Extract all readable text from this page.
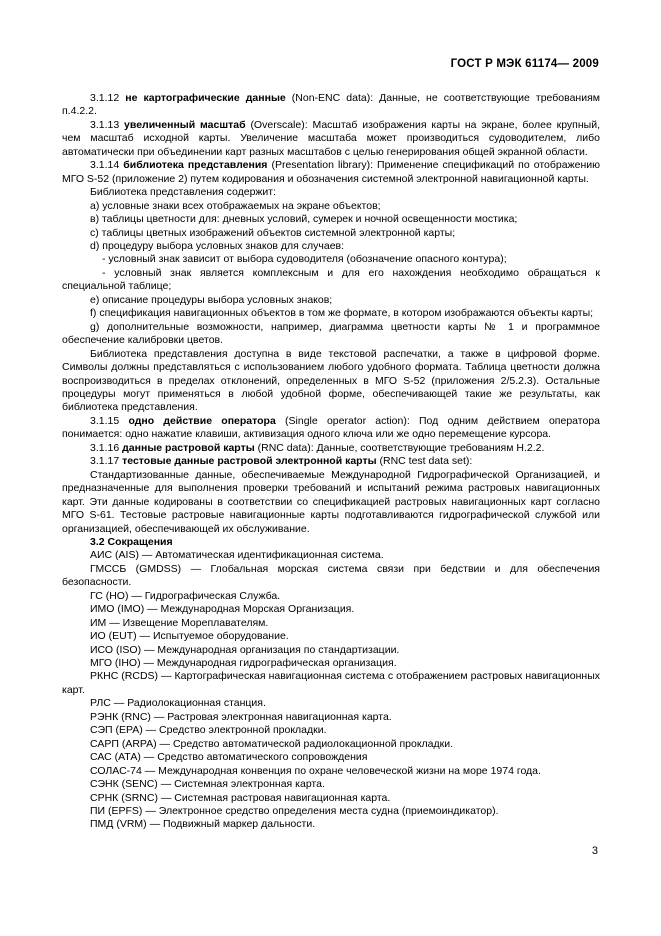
ГОСТ Р МЭК 61174— 2009

3.1.12 не картографические данные (Non-ENC data): Данные, не соответствующие требованиям п.4.2.2.

3.1.13 увеличенный масштаб (Overscale): Масштаб изображения карты на экране, более крупный, чем масштаб исходной карты. Увеличение масштаба может производиться судоводителем, либо автоматически при объединении карт разных масштабов с целью генерирования общей экранной области.

3.1.14 библиотека представления (Presentation library): Применение спецификаций по отображению МГО S-52 (приложение 2) путем кодирования и обозначения системной электронной навигационной карты.

Библиотека представления содержит:

а) условные знаки всех отображаемых на экране объектов;

в) таблицы цветности для: дневных условий, сумерек и ночной освещенности мостика;

с) таблицы цветных изображений объектов системной электронной карты;

d) процедуру выбора условных знаков для случаев:

- условный знак зависит от выбора судоводителя (обозначение опасного контура);

- условный знак является комплексным и для его нахождения необходимо обращаться к специальной таблице;

е) описание процедуры выбора условных знаков;

f) спецификация навигационных объектов в том же формате, в котором изображаются объекты карты;

g) дополнительные возможности, например, диаграмма цветности карты № 1 и программное обеспечение калибровки цветов.

Библиотека представления доступна в виде текстовой распечатки, а также в цифровой форме. Символы должны представляться с использованием любого удобного формата. Таблица цветности должна воспроизводиться в пределах отклонений, определенных в МГО S-52 (приложения 2/5.2.3). Остальные процедуры могут применяться в любой удобной форме, обеспечивающей такие же результаты, как библиотека представления.

3.1.15 одно действие оператора (Single operator action): Под одним действием оператора понимается: одно нажатие клавиши, активизация одного ключа или же одно перемещение курсора.

3.1.16 данные растровой карты (RNC data): Данные, соответствующие требованиям Н.2.2.

3.1.17 тестовые данные растровой электронной карты (RNC test data set):

Стандартизованные данные, обеспечиваемые Международной Гидрографической Организацией, и предназначенные для выполнения проверки требований и испытаний режима растровых навигационных карт. Эти данные кодированы в соответствии со спецификацией растровых навигационных карт согласно МГО S-61. Тестовые растровые навигационные карты подготавливаются гидрографической службой или организацией, обеспечивающей их обслуживание.

3.2 Сокращения

АИС (AIS) — Автоматическая идентификационная система.

ГМССБ (GMDSS) — Глобальная морская система связи при бедствии и для обеспечения безопасности.

ГС (НО) — Гидрографическая Служба.

ИМО (IMO) — Международная Морская Организация.

ИМ — Извещение Мореплавателям.

ИО (EUT) — Испытуемое оборудование.

ИСО (ISO) — Международная организация по стандартизации.

МГО (IHO) — Международная гидрографическая организация.

РКНС (RCDS) — Картографическая навигационная система с отображением растровых навигационных карт.

РЛС — Радиолокационная станция.

РЭНК (RNC) — Растровая электронная навигационная карта.

СЭП (EPA) — Средство электронной прокладки.

САРП (ARPA) — Средство автоматической радиолокационной прокладки.

САС (АТА) — Средство автоматического сопровождения

СОЛАС-74 — Международная конвенция по охране человеческой жизни на море 1974 года.

СЭНК (SENC) — Системная электронная карта.

СРНК (SRNC) — Системная растровая навигационная карта.

ПИ (EPFS) — Электронное средство определения места судна (приемоиндикатор).

ПМД (VRM) — Подвижный маркер дальности.

3
